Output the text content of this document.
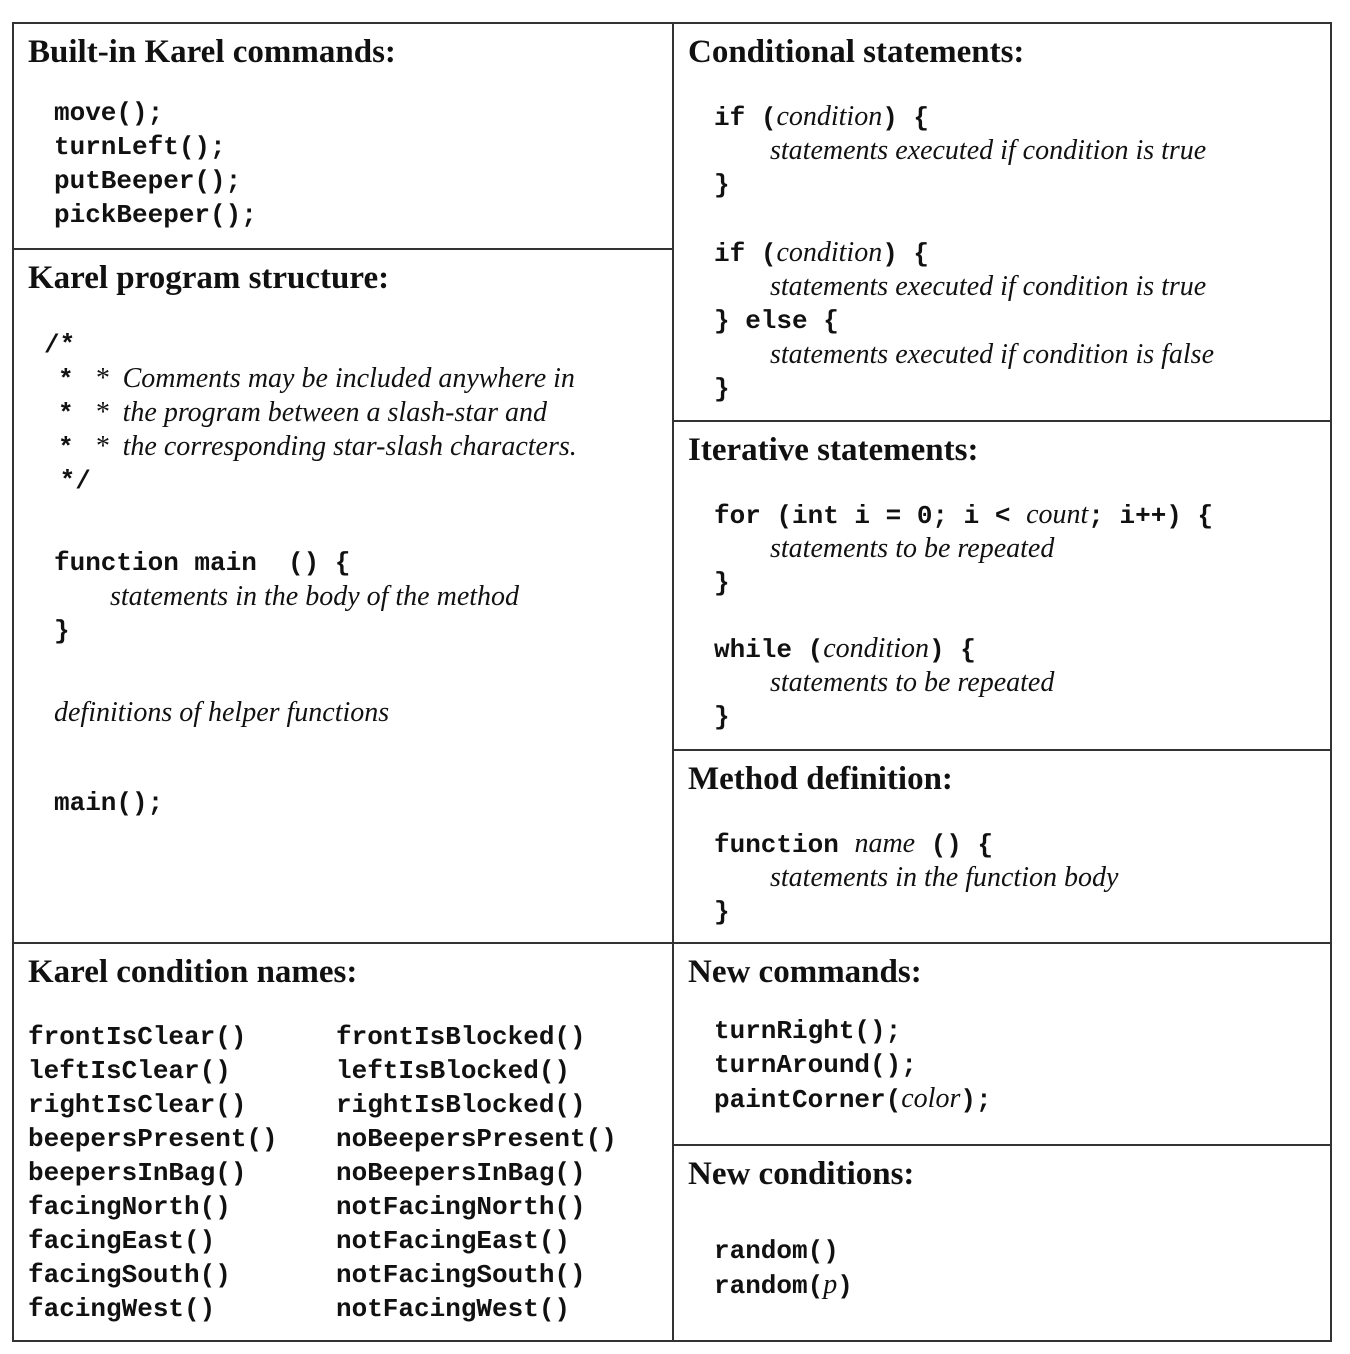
Built-in Karel commands:
move();
turnLeft();
putBeeper();
pickBeeper();
Karel program structure:
/*
* *  Comments may be included anywhere in
* *  the program between a slash-star and
* *  the corresponding star-slash characters.
*/
function main  () {
statements in the body of the method
}
definitions of helper functions
main();
Karel condition names:
frontIsClear()
leftIsClear()
rightIsClear()
beepersPresent()
beepersInBag()
facingNorth()
facingEast()
facingSouth()
facingWest()
frontIsBlocked()
leftIsBlocked()
rightIsBlocked()
noBeepersPresent()
noBeepersInBag()
notFacingNorth()
notFacingEast()
notFacingSouth()
notFacingWest()
Conditional statements:
if (condition) {
statements executed if condition is true
}
if (condition) {
statements executed if condition is true
} else {
statements executed if condition is false
}
Iterative statements:
for (int i = 0; i < count; i++) {
statements to be repeated
}
while (condition) {
statements to be repeated
}
Method definition:
function name () {
statements in the function body
}
New commands:
turnRight();
turnAround();
paintCorner(color);
New conditions:
random()
random(p)
